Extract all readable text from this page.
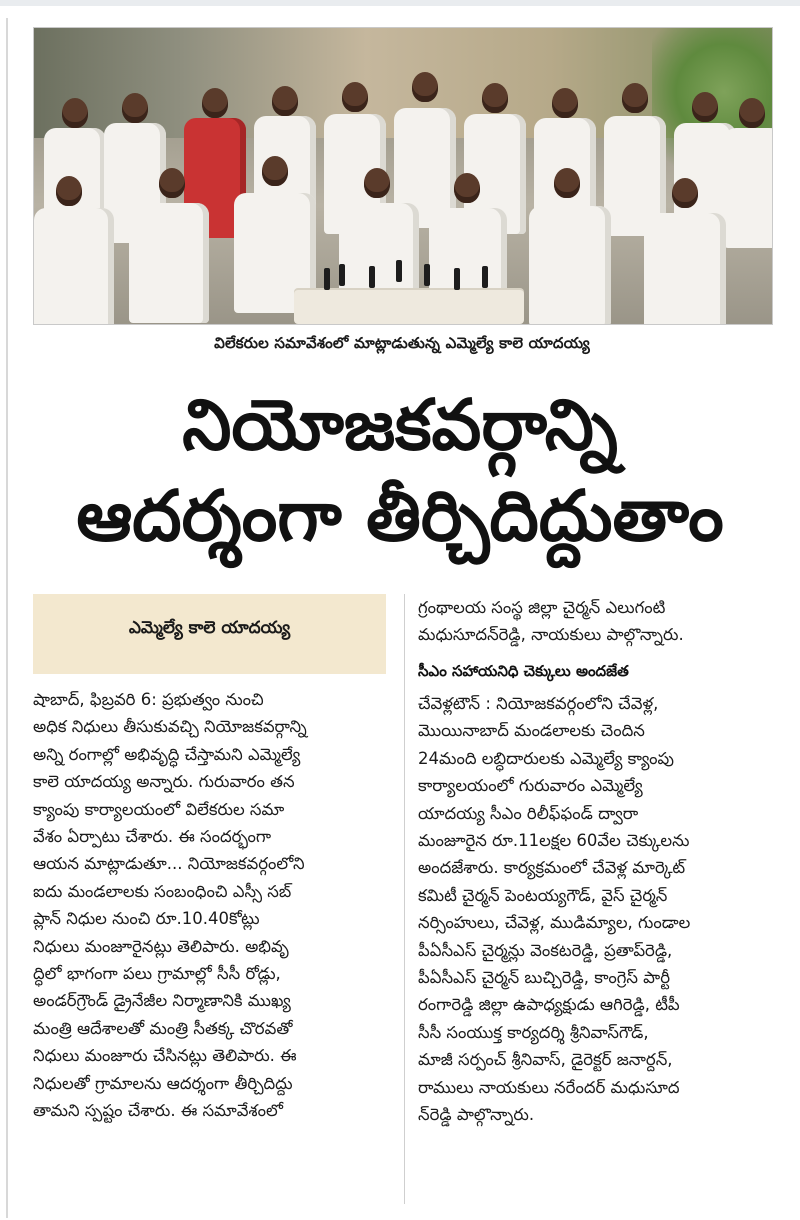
విలేకరుల సమావేశంలో మాట్లాడుతున్న ఎమ్మెల్యే కాలె యాదయ్య
నియోజకవర్గాన్ని
ఆదర్శంగా తీర్చిదిద్దుతాం
ఎమ్మెల్యే కాలె యాదయ్య
షాబాద్, ఫిబ్రవరి 6: ప్రభుత్వం నుంచి
అధిక నిధులు తీసుకువచ్చి నియోజకవర్గాన్ని
అన్ని రంగాల్లో అభివృద్ధి చేస్తామని ఎమ్మెల్యే
కాలె యాదయ్య అన్నారు. గురువారం తన
క్యాంపు కార్యాలయంలో విలేకరుల సమా
వేశం ఏర్పాటు చేశారు. ఈ సందర్భంగా
ఆయన మాట్లాడుతూ... నియోజకవర్గంలోని
ఐదు మండలాలకు సంబంధించి ఎస్సీ సబ్
ప్లాన్ నిధుల నుంచి రూ.10.40కోట్లు
నిధులు మంజూరైనట్లు తెలిపారు. అభివృ
ద్ధిలో భాగంగా పలు గ్రామాల్లో సీసీ రోడ్లు,
అండర్‌గ్రౌండ్ డ్రైనేజీల నిర్మాణానికి ముఖ్య
మంత్రి ఆదేశాలతో మంత్రి సీతక్క చొరవతో
నిధులు మంజూరు చేసినట్లు తెలిపారు. ఈ
నిధులతో గ్రామాలను ఆదర్శంగా తీర్చిదిద్దు
తామని స్పష్టం చేశారు. ఈ సమావేశంలో
గ్రంథాలయ సంస్థ జిల్లా చైర్మన్ ఎలుగంటి
మధుసూదన్‌రెడ్డి, నాయకులు పాల్గొన్నారు.
సీఎం సహాయనిధి చెక్కులు అందజేత
చేవెళ్లటౌన్ : నియోజకవర్గంలోని చేవెళ్ల,
మొయినాబాద్ మండలాలకు చెందిన
24మంది లబ్ధిదారులకు ఎమ్మెల్యే క్యాంపు
కార్యాలయంలో గురువారం ఎమ్మెల్యే
యాదయ్య సీఎం రిలీఫ్‌ఫండ్ ద్వారా
మంజూరైన రూ.11లక్షల 60వేల చెక్కులను
అందజేశారు. కార్యక్రమంలో చేవెళ్ల మార్కెట్
కమిటీ చైర్మన్ పెంటయ్యగౌడ్, వైస్ చైర్మన్
నర్సింహులు, చేవెళ్ల, ముడిమ్యాల, గుండాల
పీఏసీఎస్ చైర్మన్లు వెంకటరెడ్డి, ప్రతాప్‌రెడ్డి,
పీఏసీఎస్ చైర్మన్ బుచ్చిరెడ్డి, కాంగ్రెస్ పార్టీ
రంగారెడ్డి జిల్లా ఉపాధ్యక్షుడు ఆగిరెడ్డి, టీపీ
సీసీ సంయుక్త కార్యదర్శి శ్రీనివాస్‌గౌడ్,
మాజీ సర్పంచ్ శ్రీనివాస్, డైరెక్టర్ జనార్దన్,
రాములు నాయకులు నరేందర్ మధుసూద
న్‌రెడ్డి పాల్గొన్నారు.
